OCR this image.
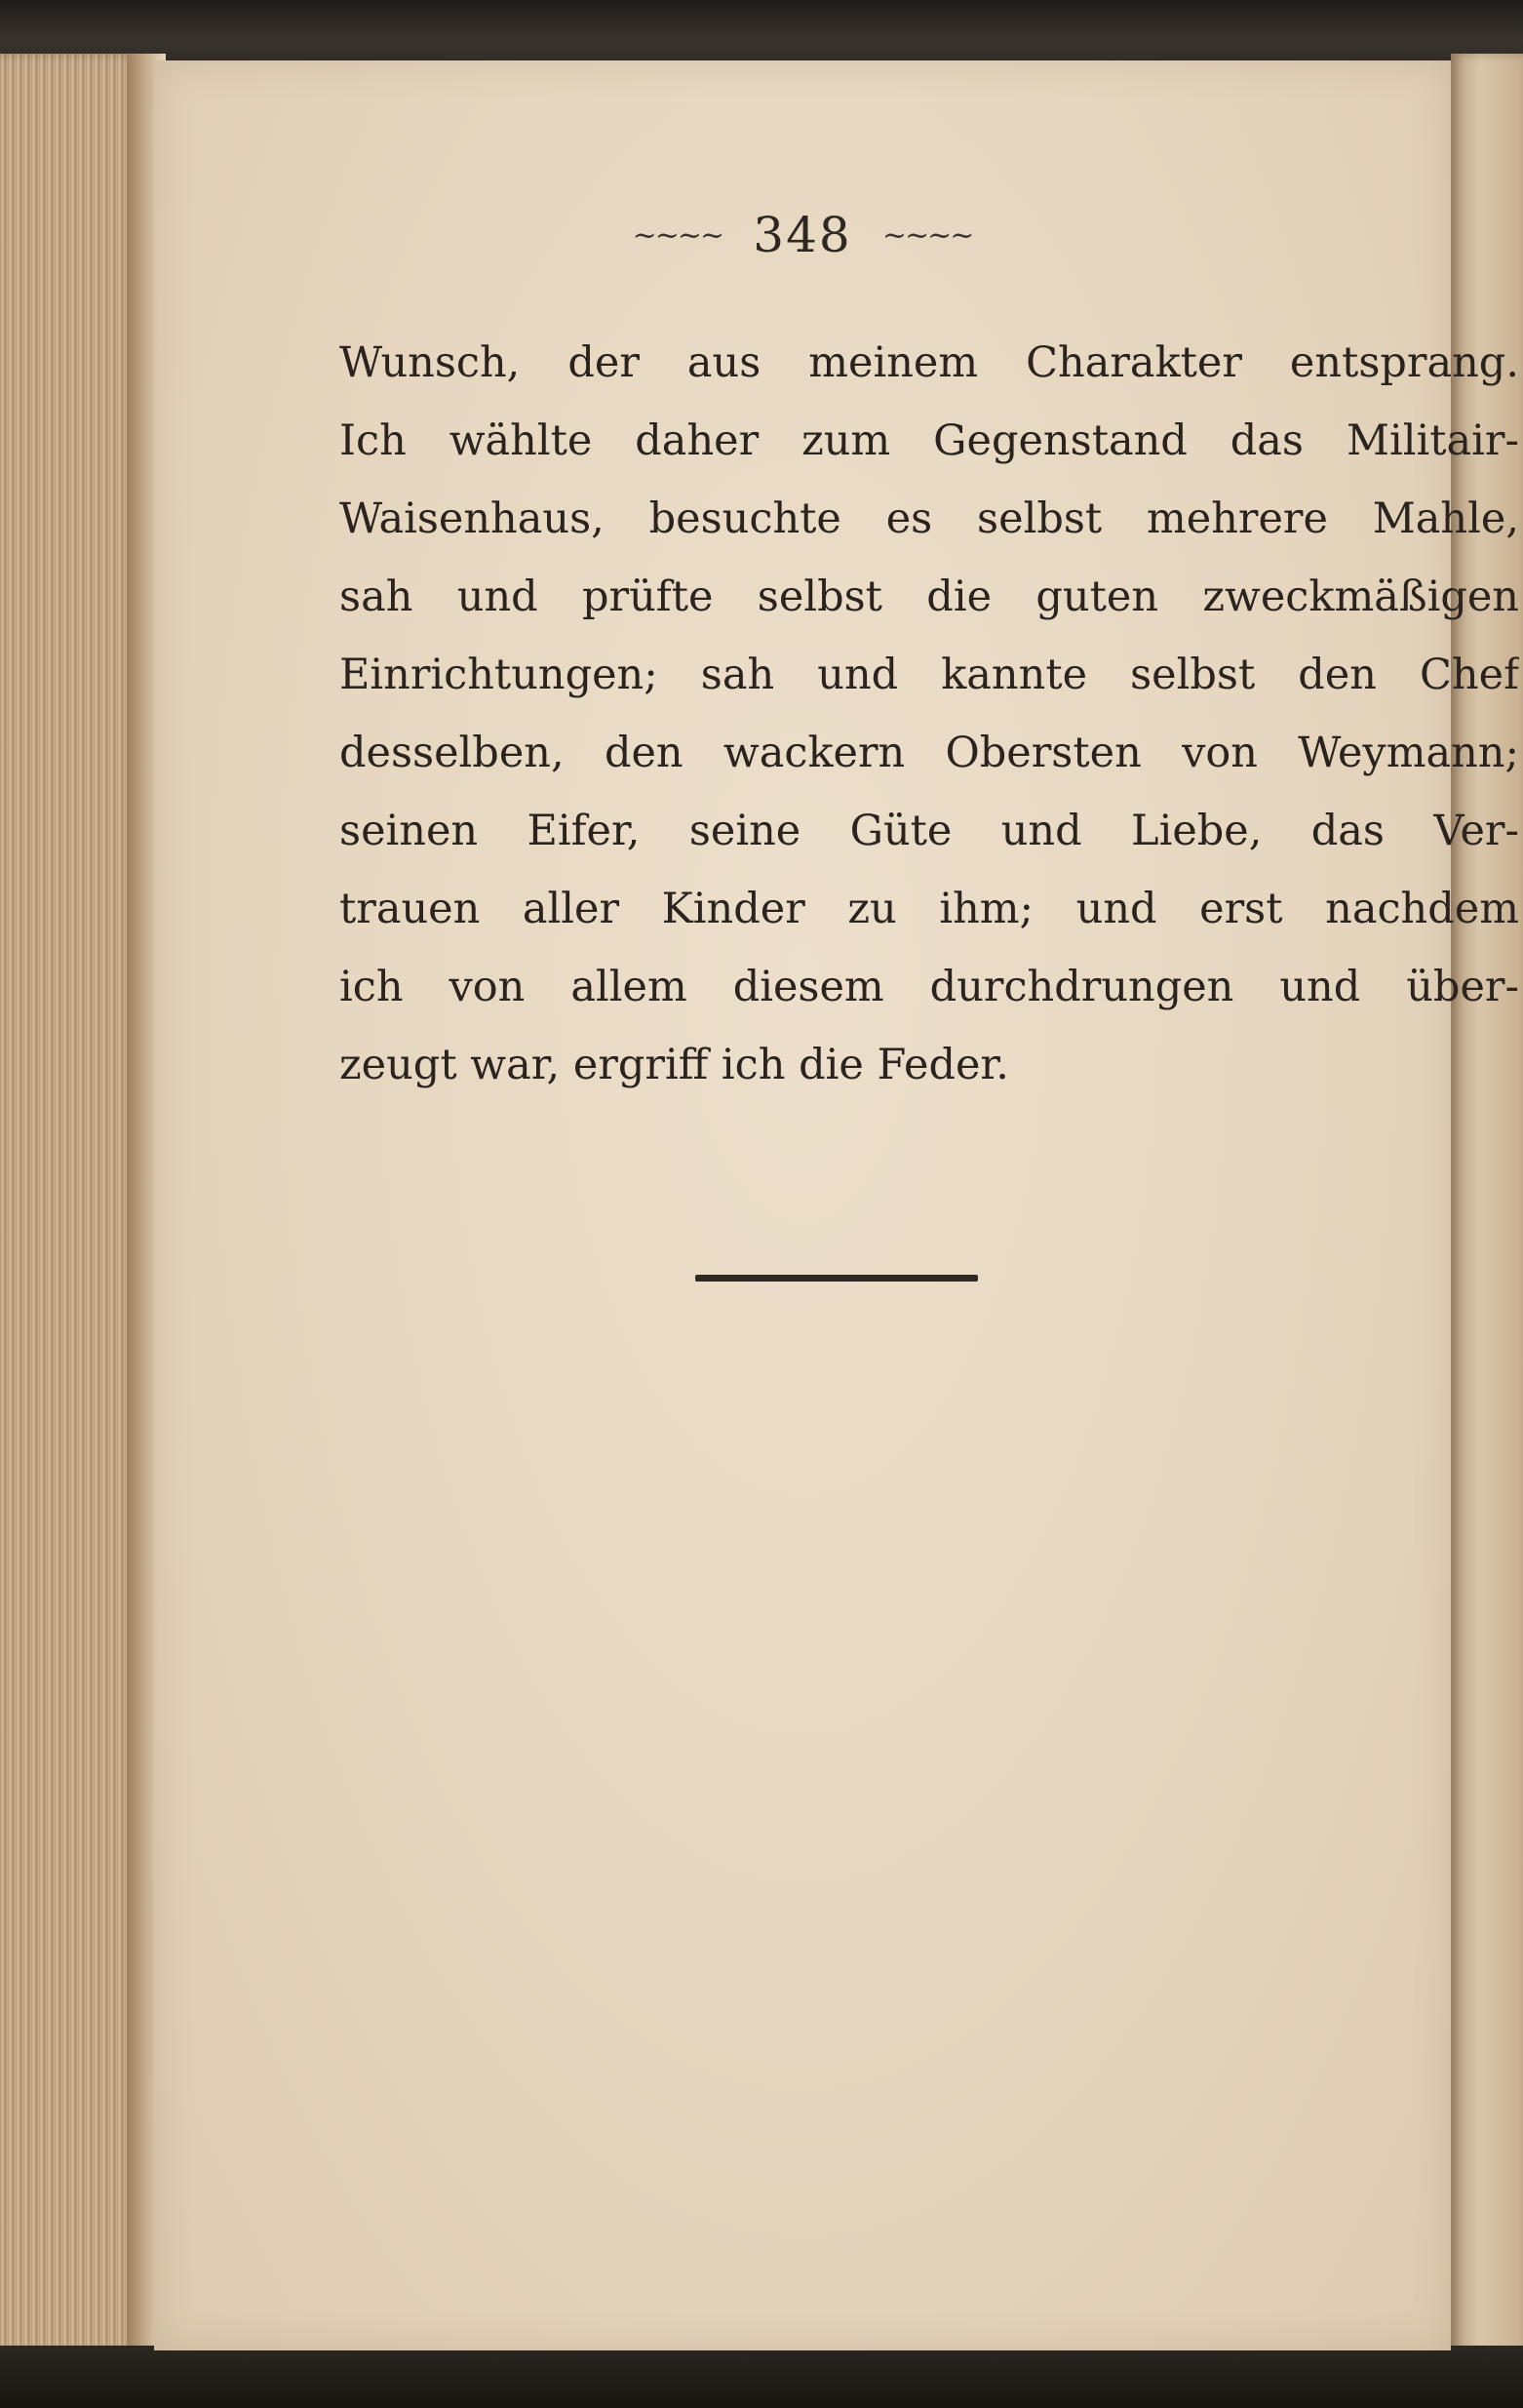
~~~~ 348 ~~~~
Wunsch, der aus meinem Charakter entsprang.
Ich wählte daher zum Gegenstand das Militair-
Waisenhaus, besuchte es selbst mehrere Mahle,
sah und prüfte selbst die guten zweckmäßigen
Einrichtungen; sah und kannte selbst den Chef
desselben, den wackern Obersten von Weymann;
seinen Eifer, seine Güte und Liebe, das Ver-
trauen aller Kinder zu ihm; und erst nachdem
ich von allem diesem durchdrungen und über-
zeugt war, ergriff ich die Feder.
